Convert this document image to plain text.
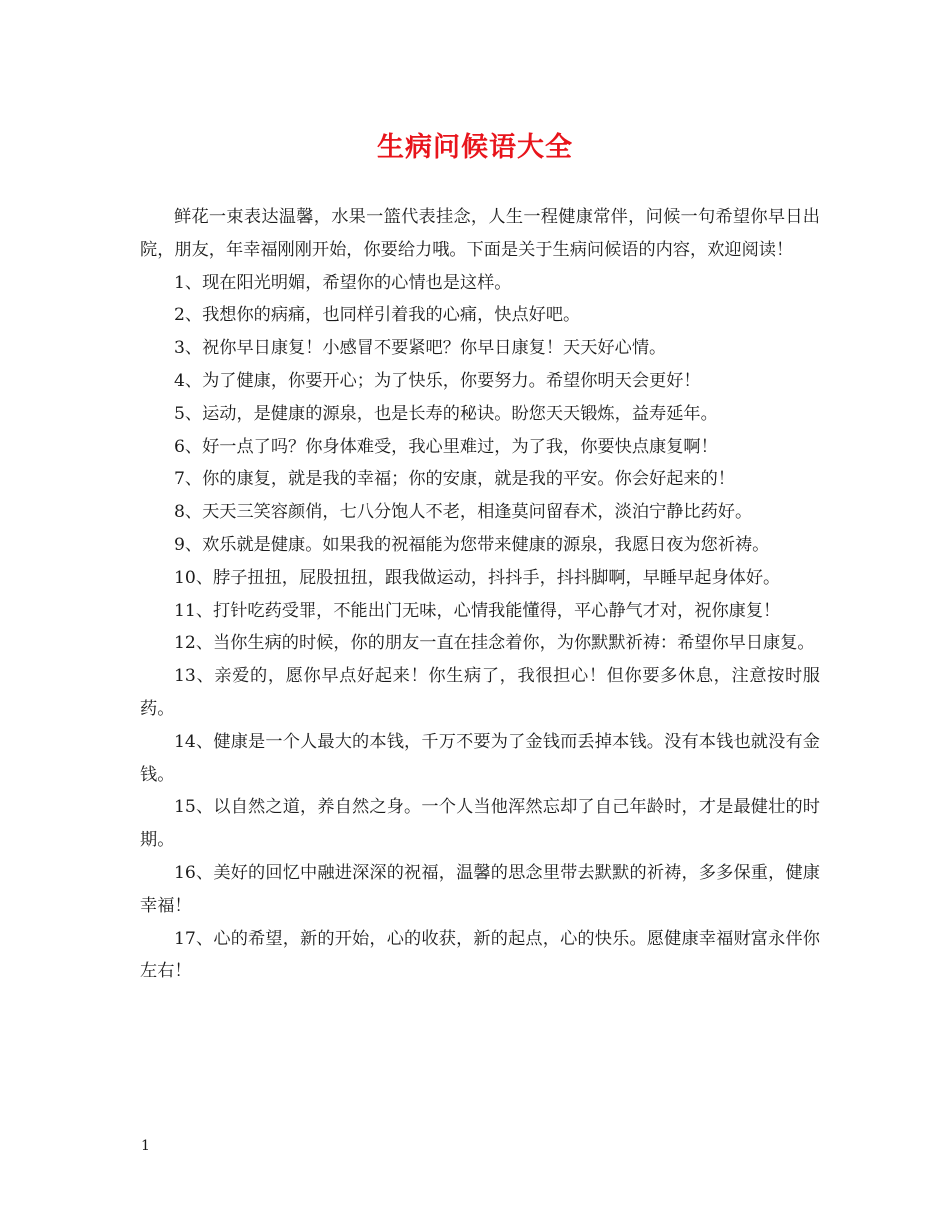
生病问候语大全

鲜花一束表达温馨，水果一篮代表挂念，人生一程健康常伴，问候一句希望你早日出院，朋友，年幸福刚刚开始，你要给力哦。下面是关于生病问候语的内容，欢迎阅读！

1、现在阳光明媚，希望你的心情也是这样。

2、我想你的病痛，也同样引着我的心痛，快点好吧。

3、祝你早日康复！小感冒不要紧吧？你早日康复！天天好心情。

4、为了健康，你要开心；为了快乐，你要努力。希望你明天会更好！

5、运动，是健康的源泉，也是长寿的秘诀。盼您天天锻炼，益寿延年。

6、好一点了吗？你身体难受，我心里难过，为了我，你要快点康复啊！

7、你的康复，就是我的幸福；你的安康，就是我的平安。你会好起来的！

8、天天三笑容颜俏，七八分饱人不老，相逢莫问留春术，淡泊宁静比药好。

9、欢乐就是健康。如果我的祝福能为您带来健康的源泉，我愿日夜为您祈祷。

10、脖子扭扭，屁股扭扭，跟我做运动，抖抖手，抖抖脚啊，早睡早起身体好。

11、打针吃药受罪，不能出门无味，心情我能懂得，平心静气才对，祝你康复！

12、当你生病的时候，你的朋友一直在挂念着你，为你默默祈祷：希望你早日康复。

13、亲爱的，愿你早点好起来！你生病了，我很担心！但你要多休息，注意按时服药。

14、健康是一个人最大的本钱，千万不要为了金钱而丢掉本钱。没有本钱也就没有金钱。

15、以自然之道，养自然之身。一个人当他浑然忘却了自己年龄时，才是最健壮的时期。

16、美好的回忆中融进深深的祝福，温馨的思念里带去默默的祈祷，多多保重，健康幸福！

17、心的希望，新的开始，心的收获，新的起点，心的快乐。愿健康幸福财富永伴你左右！

1
